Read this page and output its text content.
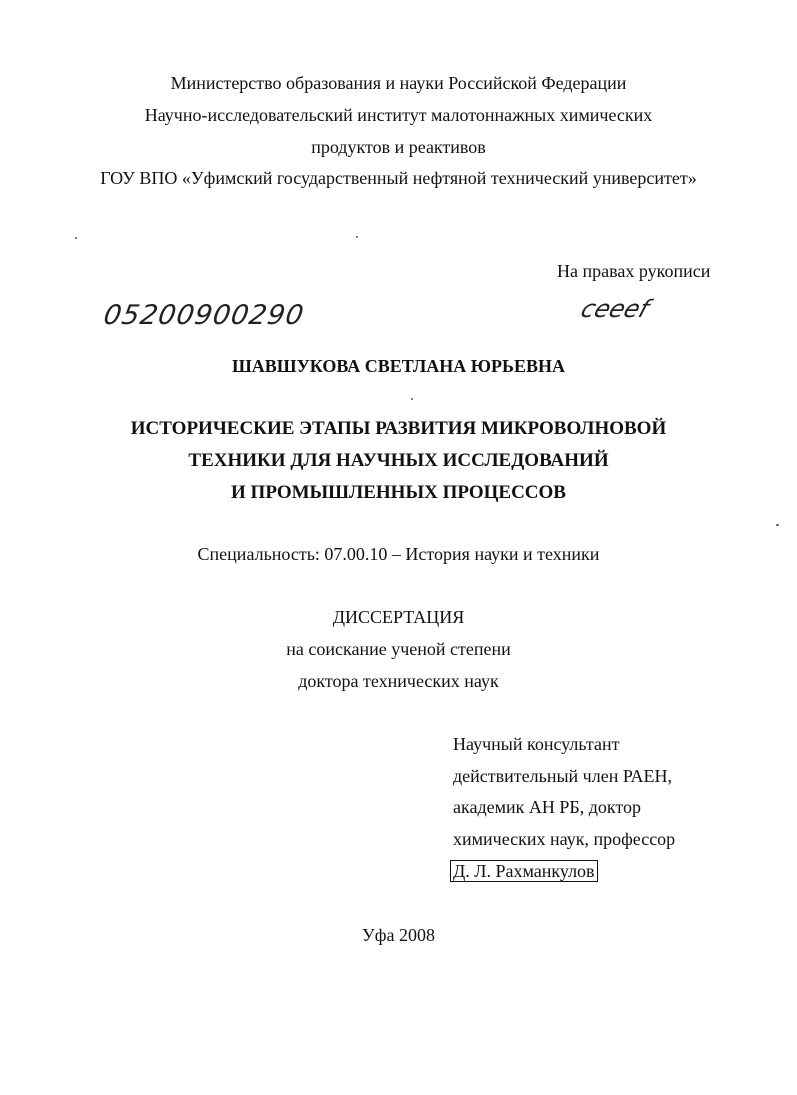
Министерство образования и науки Российской Федерации
Научно-исследовательский институт малотоннажных химических
продуктов и реактивов
ГОУ ВПО «Уфимский государственный нефтяной технический университет»
На правах рукописи
05200900290	ceеef
ШАВШУКОВА СВЕТЛАНА ЮРЬЕВНА
ИСТОРИЧЕСКИЕ ЭТАПЫ РАЗВИТИЯ МИКРОВОЛНОВОЙ
ТЕХНИКИ ДЛЯ НАУЧНЫХ ИССЛЕДОВАНИЙ
И ПРОМЫШЛЕННЫХ ПРОЦЕССОВ
Специальность: 07.00.10 – История науки и техники
ДИССЕРТАЦИЯ
на соискание ученой степени
доктора технических наук
Научный консультант
действительный член РАЕН,
академик АН РБ, доктор
химических наук, профессор
Д. Л. Рахманкулов
Уфа 2008
